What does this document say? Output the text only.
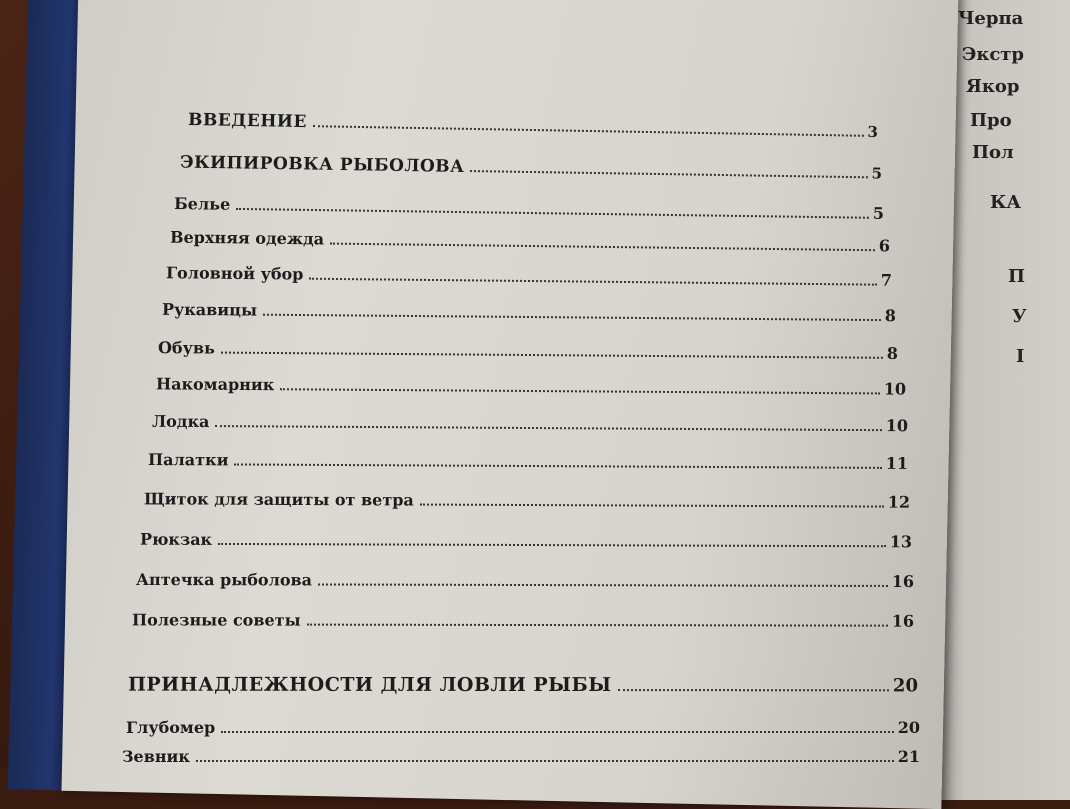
Черпа
Экстр
Якор
Про
Пол
КА
П
У
І
ВВЕДЕНИЕ	3
ЭКИПИРОВКА РЫБОЛОВА	5
Белье	5
Верхняя одежда	6
Головной убор	7
Рукавицы	8
Обувь	8
Накомарник	10
Лодка	10
Палатки	11
Щиток для защиты от ветра	12
Рюкзак	13
Аптечка рыболова	16
Полезные советы	16
ПРИНАДЛЕЖНОСТИ ДЛЯ ЛОВЛИ РЫБЫ	20
Глубомер	20
Зевник	21
